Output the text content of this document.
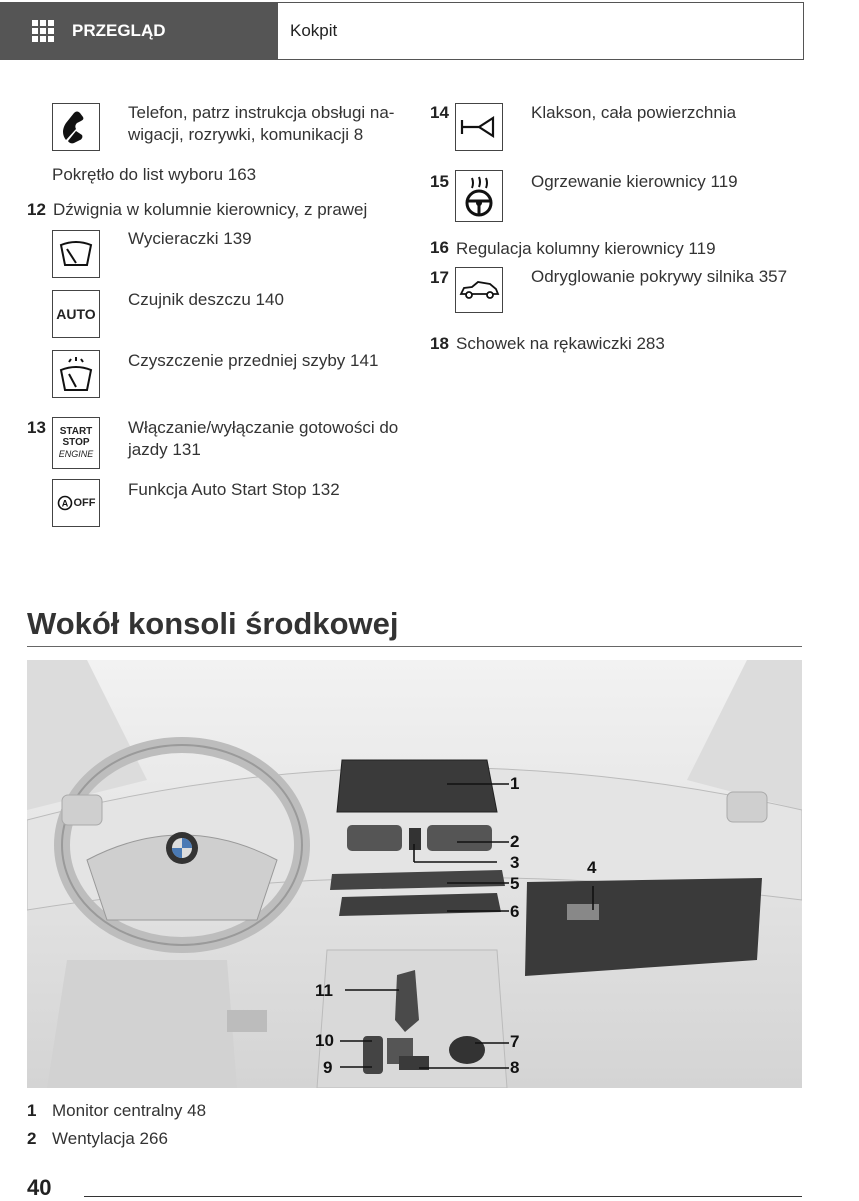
PRZEGLĄD	Kokpit
Telefon, patrz instrukcja obsługi na-
wigacji, rozrywki, komunikacji 8
Pokrętło do list wyboru 163
12 Dźwignia w kolumnie kierownicy, z prawej
Wycieraczki 139
AUTO
Czujnik deszczu 140
Czyszczenie przedniej szyby 141
13 START
STOP
ENGINE
Włączanie/wyłączanie gotowości do
jazdy 131
A OFF
Funkcja Auto Start Stop 132
14	Klakson, cała powierzchnia
15	Ogrzewanie kierownicy 119
16 Regulacja kolumny kierownicy 119
17	Odryglowanie pokrywy silnika 357
18 Schowek na rękawiczki 283
Wokół konsoli środkowej
1
2
3	4
5
6
7
8
9
10
11
1 Monitor centralny 48
2 Wentylacja 266
40
